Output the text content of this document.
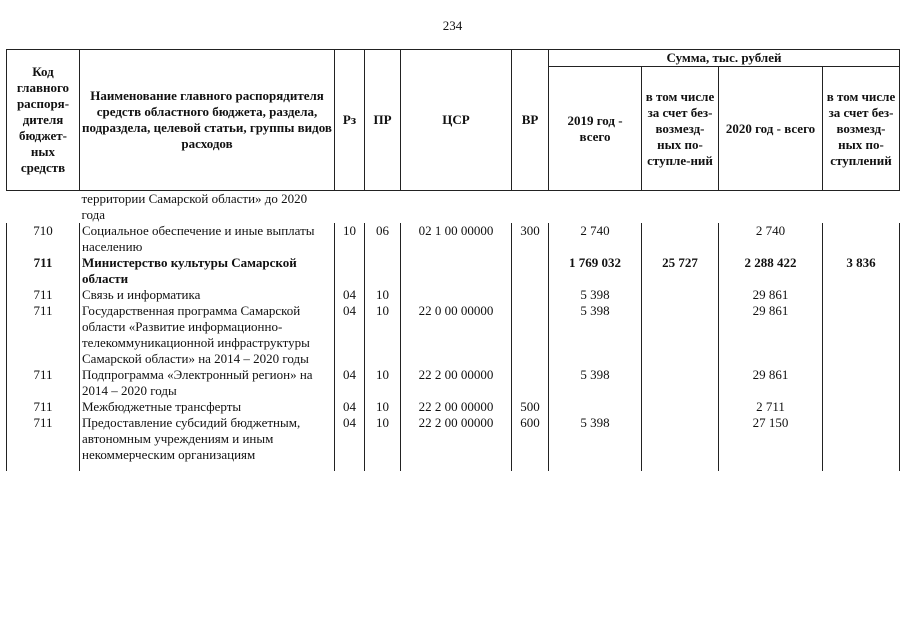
234
Код главного распоря-дителя бюджет-ных средств	Наименование главного распорядителя средств областного бюджета, раздела, подраздела, целевой статьи, группы видов расходов	Рз	ПР	ЦСР	ВР	Сумма, тыс. рублей			
						2019 год - всего	в том числе за счет без-возмезд-ных по-ступле-ний	2020 год - всего	в том числе за счет без-возмезд-ных по-ступлений
	территории Самарской области» до 2020 года								
710	Социальное обеспечение и иные выплаты населению	10	06	02 1 00 00000	300	2 740		2 740	
711	Министерство культуры Самарской области					1 769 032	25 727	2 288 422	3 836
711	Связь и информатика	04	10			5 398		29 861	
711	Государственная программа Самарской области «Развитие информационно-телекоммуникационной инфраструктуры Самарской области» на 2014 – 2020 годы	04	10	22 0 00 00000		5 398		29 861	
711	Подпрограмма «Электронный регион» на 2014 – 2020 годы	04	10	22 2 00 00000		5 398		29 861	
711	Межбюджетные трансферты	04	10	22 2 00 00000	500			2 711	
711	Предоставление субсидий бюджетным, автономным учреждениям и иным некоммерческим организациям	04	10	22 2 00 00000	600	5 398		27 150	
